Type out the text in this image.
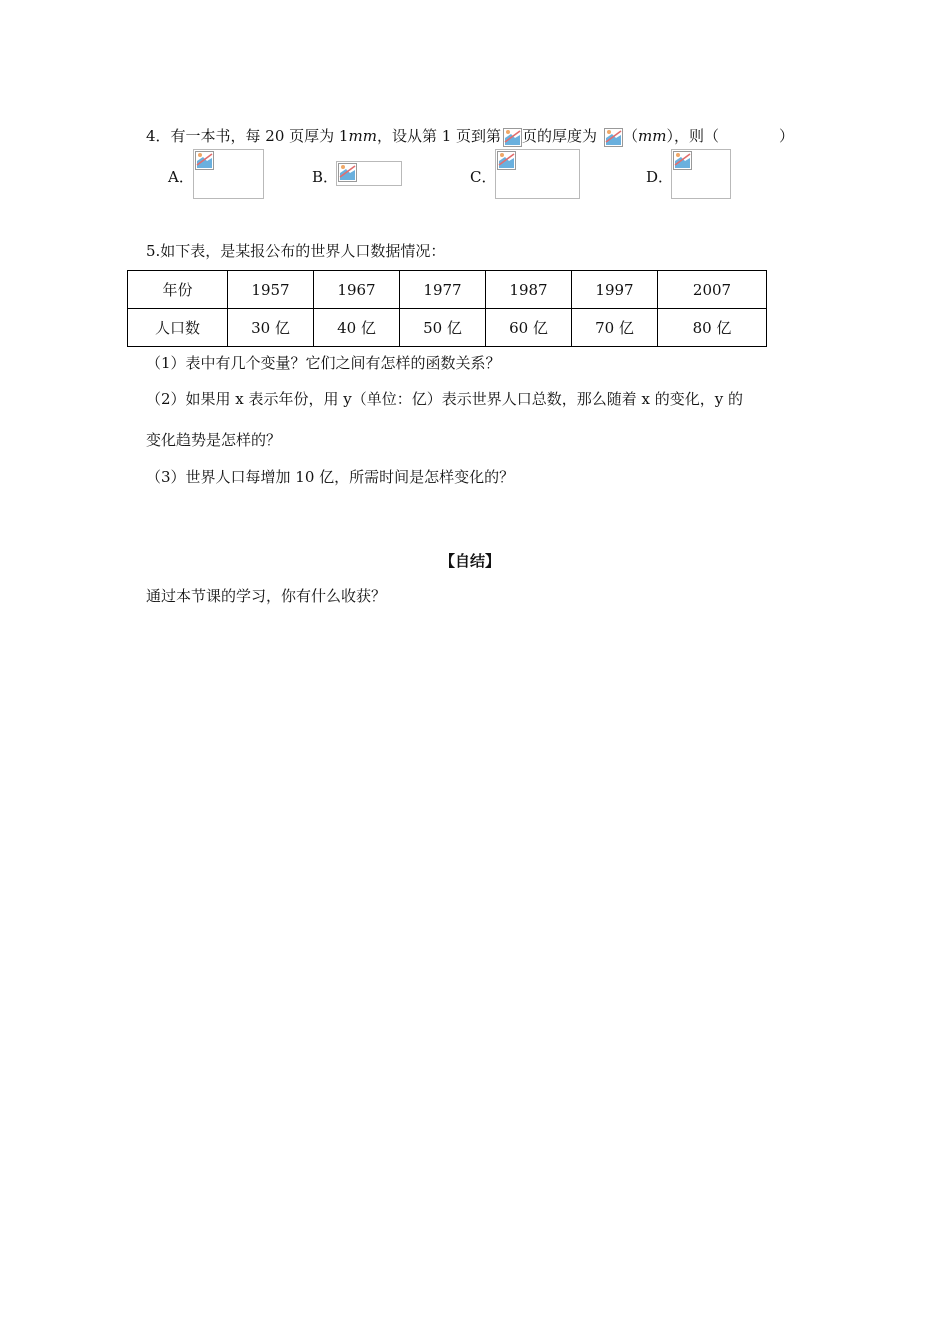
4．有一本书，每 20 页厚为 1mm，设从第 1 页到第 页的厚度为 （mm），则（　　　　）
A．	B．	C．	D．
5.如下表，是某报公布的世界人口数据情况：
年份	1957	1967	1977	1987	1997	2007
人口数	30 亿	40 亿	50 亿	60 亿	70 亿	80 亿
（1）表中有几个变量？它们之间有怎样的函数关系？
（2）如果用 x 表示年份，用 y（单位：亿）表示世界人口总数，那么随着 x 的变化，y 的
变化趋势是怎样的？
（3）世界人口每增加 10 亿，所需时间是怎样变化的？
【自结】
通过本节课的学习，你有什么收获？
